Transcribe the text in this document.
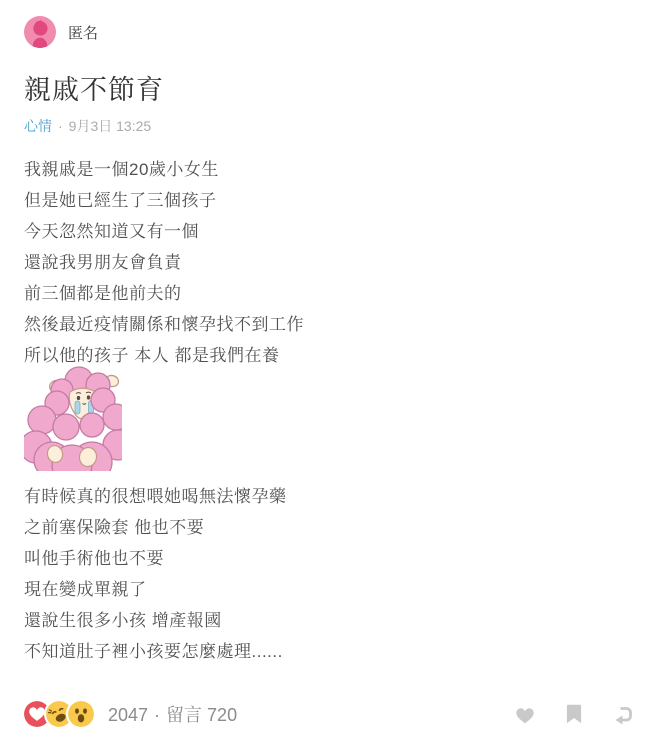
匿名
親戚不節育
心情 · 9月3日 13:25

我親戚是一個20歲小女生

但是她已經生了三個孩子

今天忽然知道又有一個

還說我男朋友會負責

前三個都是他前夫的

然後最近疫情關係和懷孕找不到工作

所以他的孩子 本人 都是我們在養

有時候真的很想喂她喝無法懷孕藥

之前塞保險套 他也不要

叫他手術他也不要

現在變成單親了

還說生很多小孩 增產報國

不知道肚子裡小孩要怎麼處理......

2047 · 留言 720
